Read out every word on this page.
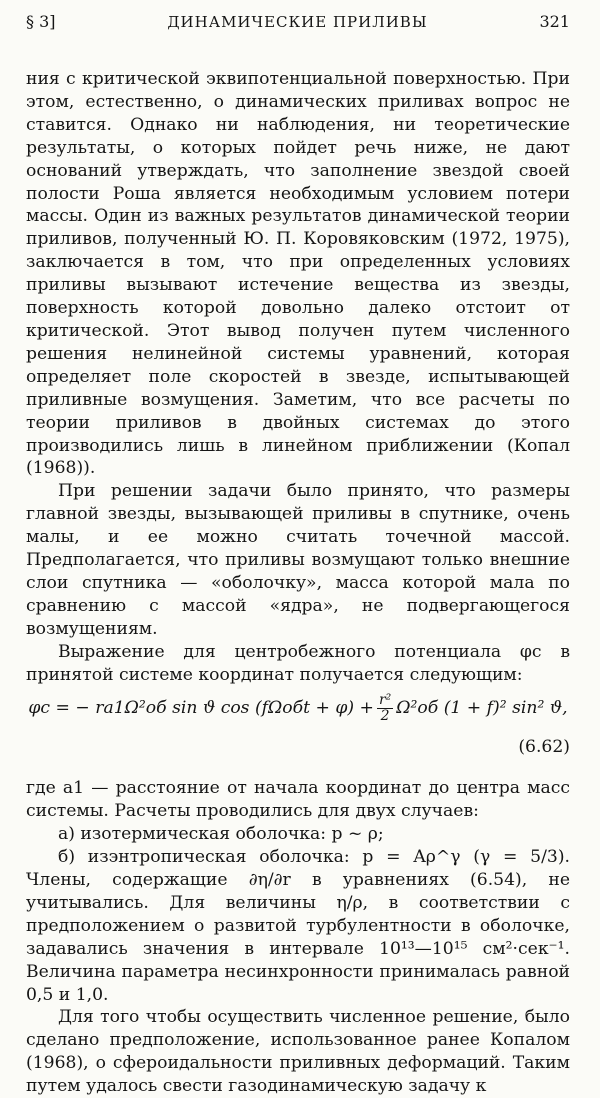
§ 3]	ДИНАМИЧЕСКИЕ ПРИЛИВЫ	321

ния с критической эквипотенциальной поверхностью. При этом, естественно, о динамических приливах вопрос не ставится. Однако ни наблюдения, ни теоретические результаты, о которых пойдет речь ниже, не дают оснований утверждать, что заполнение звездой своей полости Роша является необходимым условием потери массы. Один из важных результатов динамической теории приливов, полученный Ю. П. Коровяковским (1972, 1975), заключается в том, что при определенных условиях приливы вызывают истечение вещества из звезды, поверхность которой довольно далеко отстоит от критической. Этот вывод получен путем численного решения нелинейной системы уравнений, которая определяет поле скоростей в звезде, испытывающей приливные возмущения. Заметим, что все расчеты по теории приливов в двойных системах до этого производились лишь в линейном приближении (Копал (1968)).

При решении задачи было принято, что размеры главной звезды, вызывающей приливы в спутнике, очень малы, и ее можно считать точечной массой. Предполагается, что приливы возмущают только внешние слои спутника — «оболочку», масса которой мала по сравнению с массой «ядра», не подвергающегося возмущениям.

Выражение для центробежного потенциала φc в принятой системе координат получается следующим:

φc =
− ra1Ω²об sin ϑ $\cos (f\Omega обt + \varphi) + \frac{\text{r²}}{2} \Omega^2об$ (1 + f)² sin² ϑ,
(6.62)

где a1 — расстояние от начала координат до центра масс системы. Расчеты проводились для двух случаев:

а) изотермическая оболочка: p ~ ρ;

б) изэнтропическая оболочка: p = Aρ^γ (γ = 5/3). Члены, содержащие ∂η/∂r в уравнениях (6.54), не учитывались. Для величины η/ρ, в соответствии с предположением о развитой турбулентности в оболочке, задавались значения в интервале 10¹³—10¹⁵ см²·сек⁻¹. Величина параметра несинхронности принималась равной 0,5 и 1,0.

Для того чтобы осуществить численное решение, было сделано предположение, использованное ранее Копалом (1968), о сфероидальности приливных деформаций. Таким путем удалось свести газодинамическую задачу к
